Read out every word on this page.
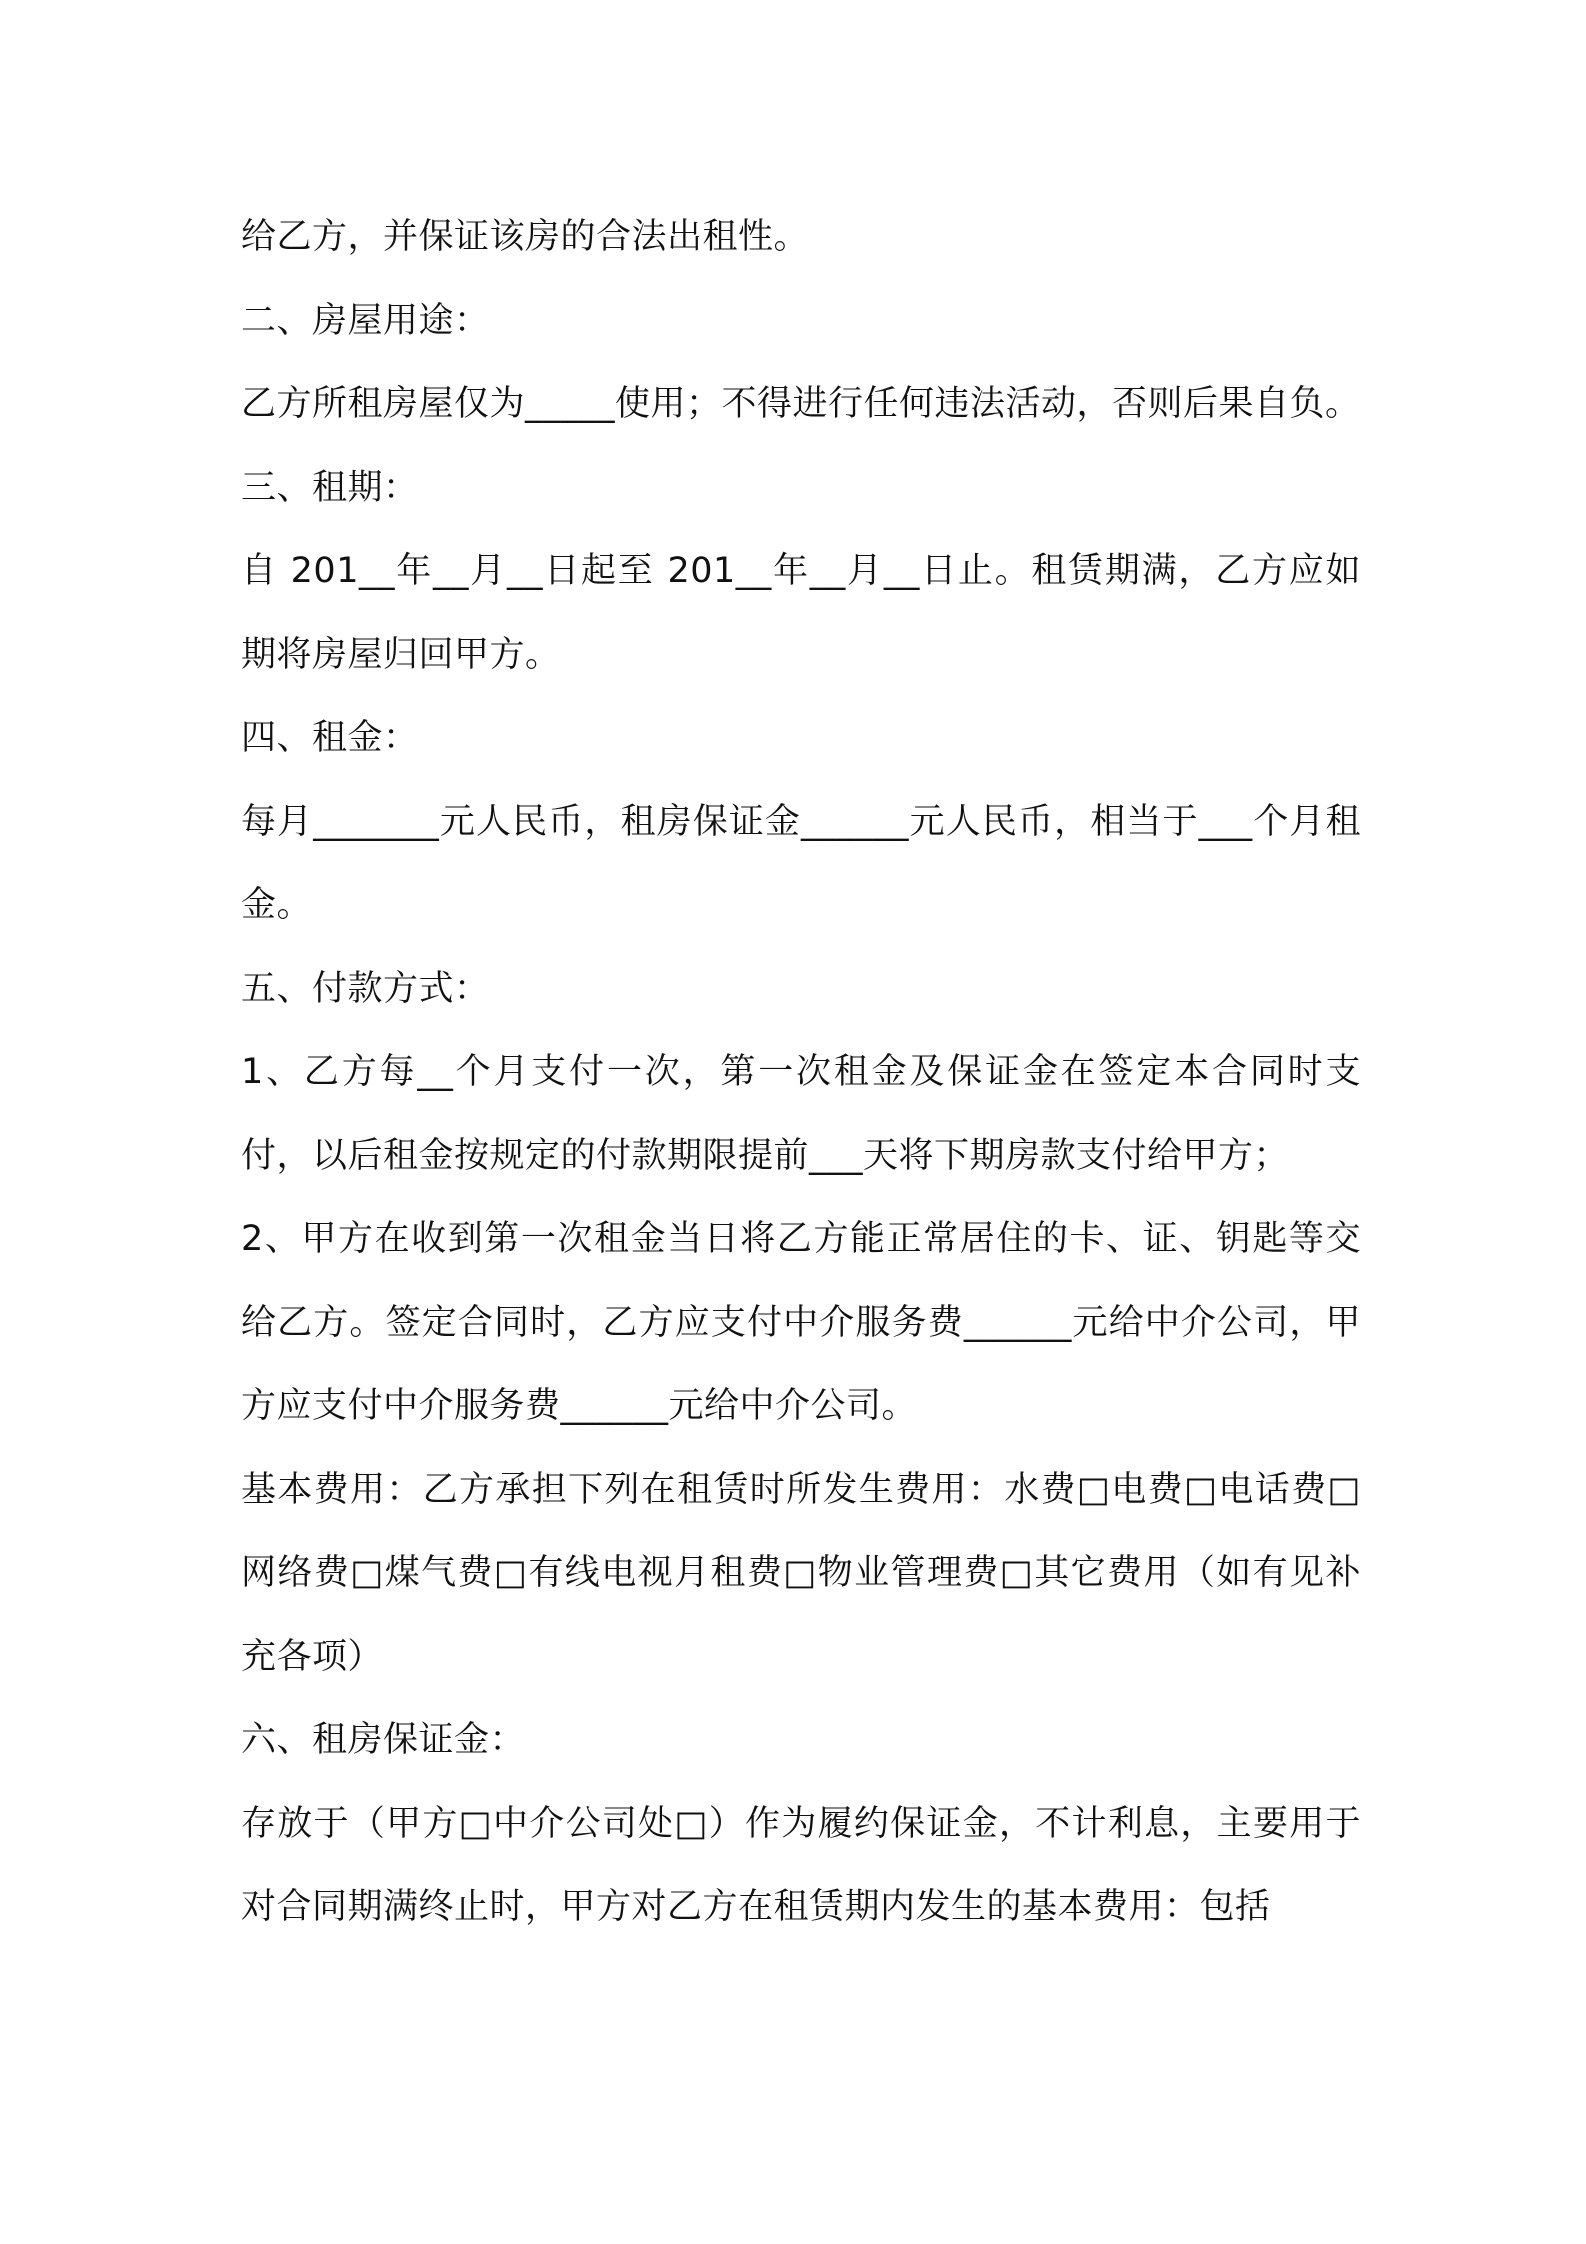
给乙方，并保证该房的合法出租性。

二、房屋用途：

乙方所租房屋仅为_____使用；不得进行任何违法活动，否则后果自负。

三、租期：

自 201__年__月__日起至 201__年__月__日止。租赁期满，乙方应如期将房屋归回甲方。

四、租金：

每月_______元人民币，租房保证金______元人民币，相当于___个月租金。

五、付款方式：

1、乙方每__个月支付一次，第一次租金及保证金在签定本合同时支付，以后租金按规定的付款期限提前___天将下期房款支付给甲方；

2、甲方在收到第一次租金当日将乙方能正常居住的卡、证、钥匙等交给乙方。签定合同时，乙方应支付中介服务费______元给中介公司，甲方应支付中介服务费______元给中介公司。

基本费用：乙方承担下列在租赁时所发生费用：水费□电费□电话费□网络费□煤气费□有线电视月租费□物业管理费□其它费用（如有见补充各项）

六、租房保证金：

存放于（甲方□中介公司处□）作为履约保证金，不计利息，主要用于对合同期满终止时，甲方对乙方在租赁期内发生的基本费用：包括
